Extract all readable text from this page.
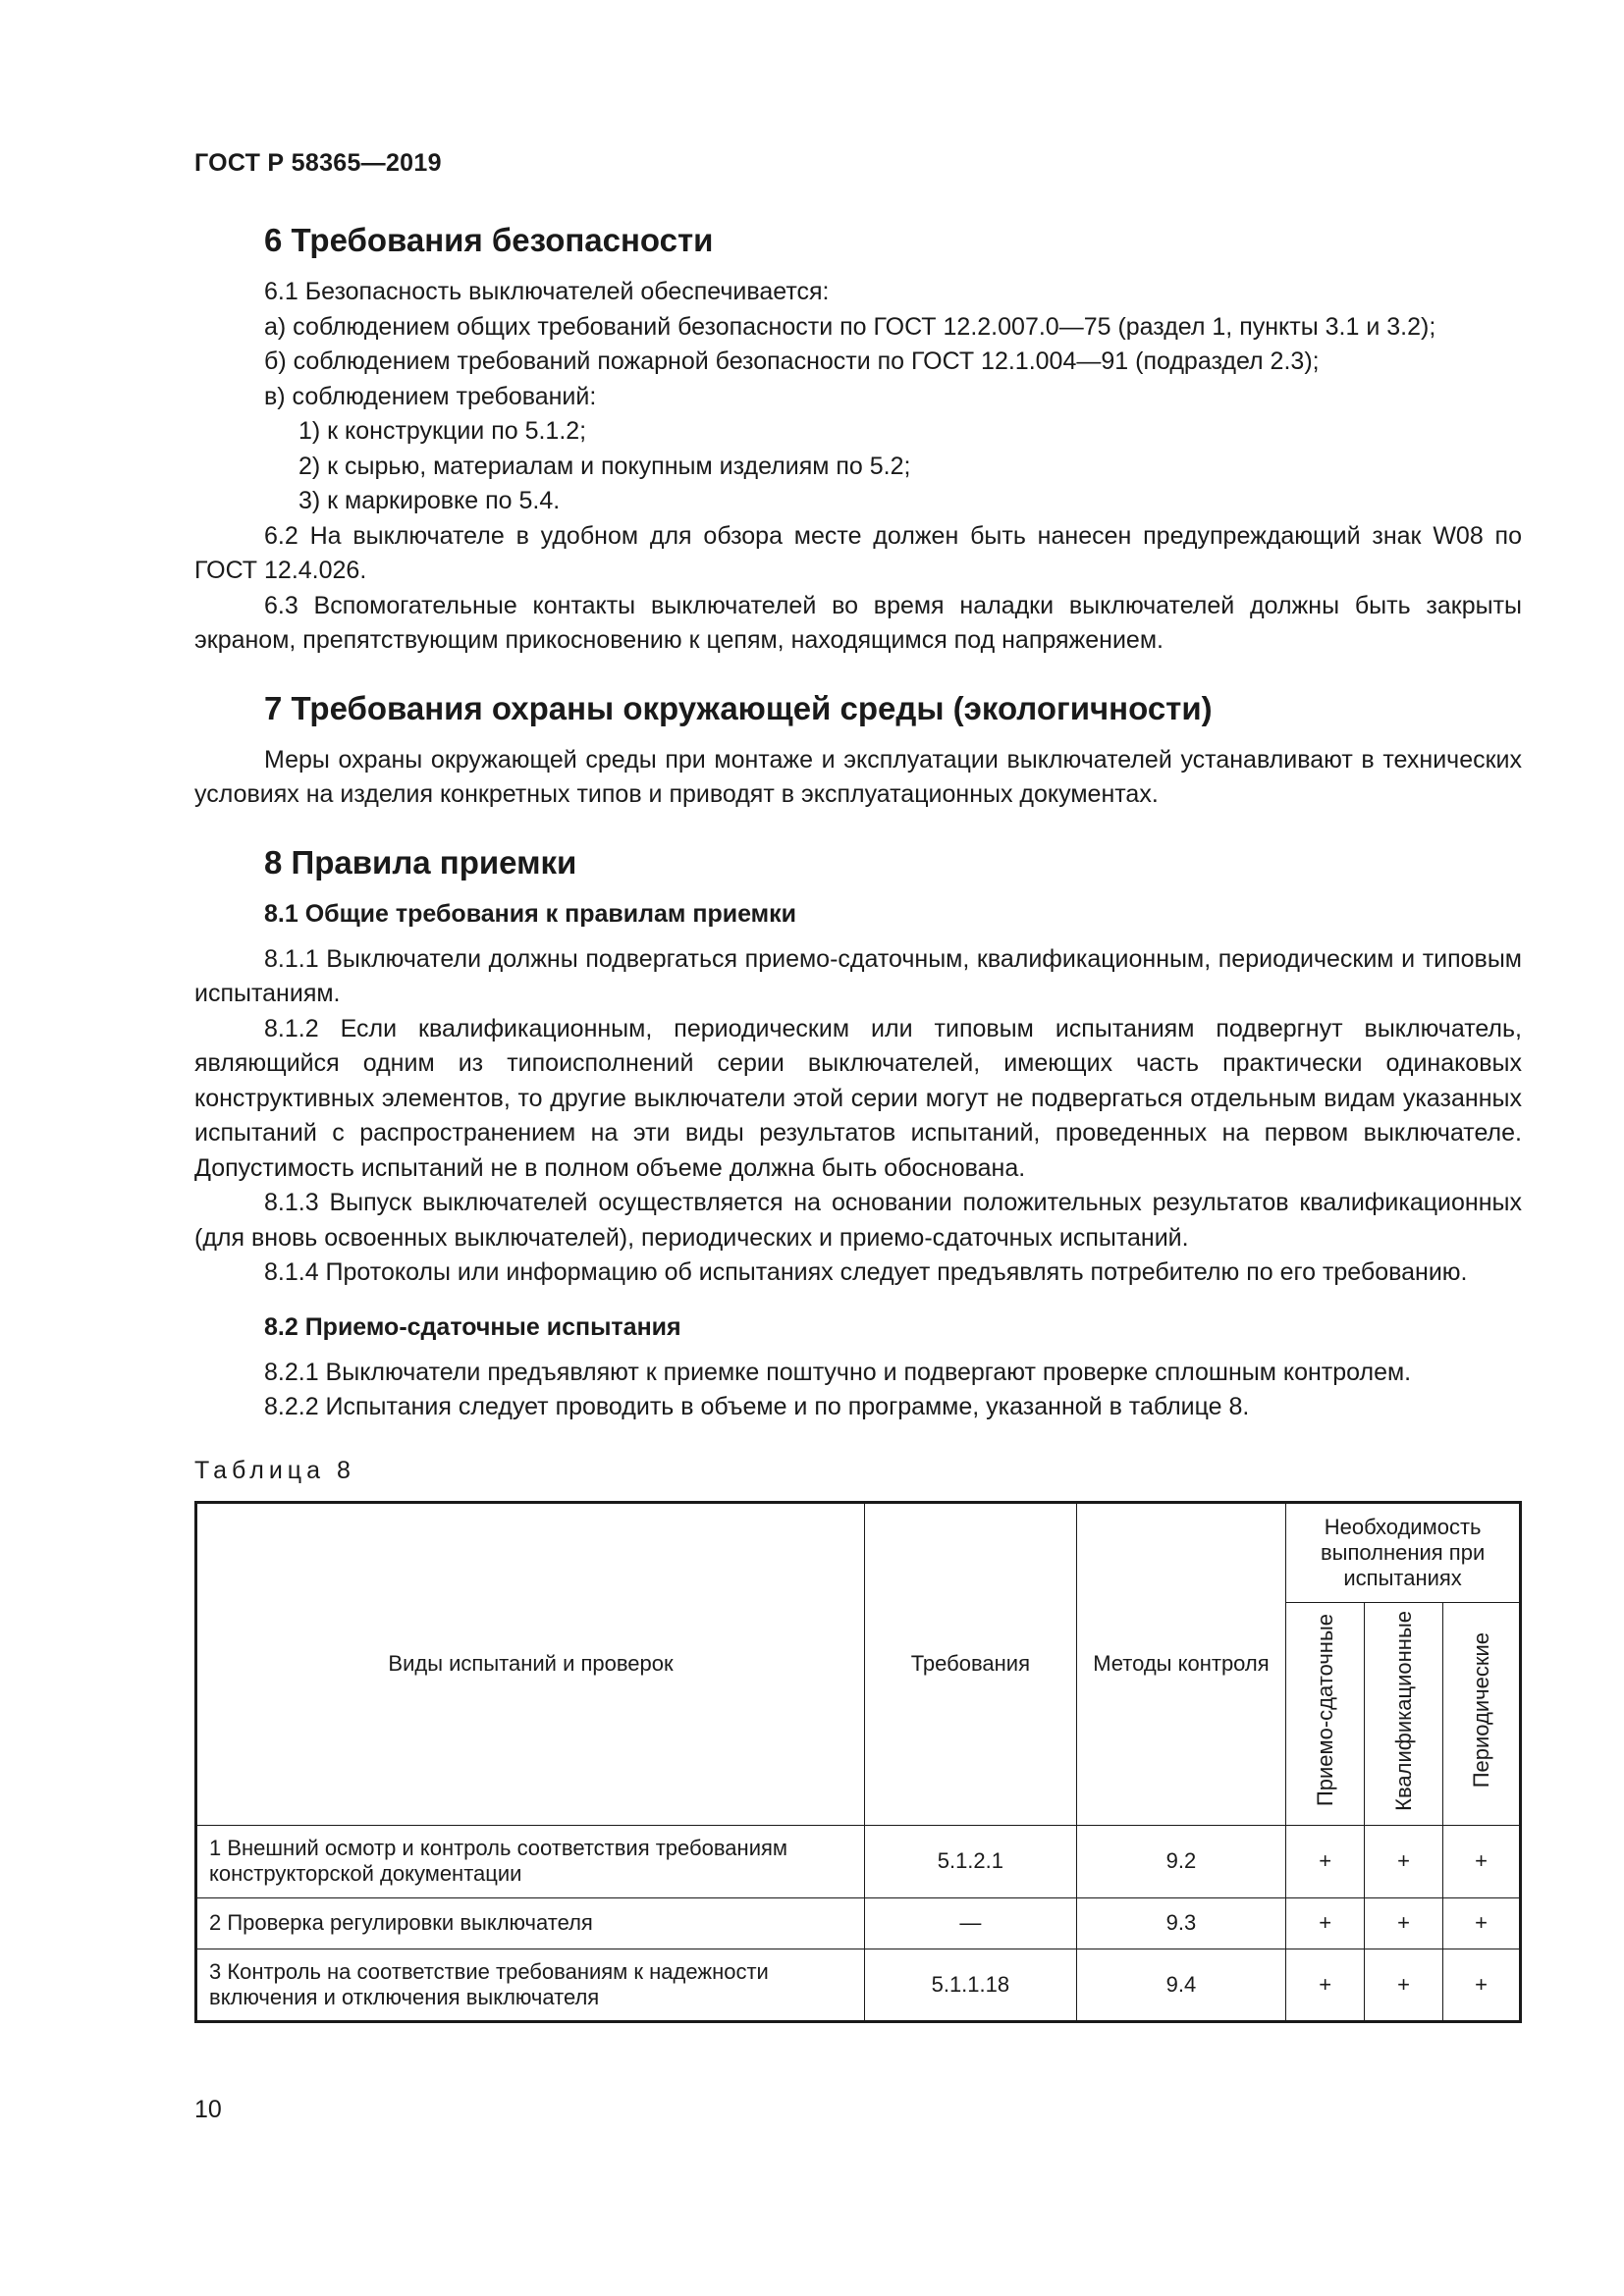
ГОСТ Р 58365—2019
6 Требования безопасности

6.1 Безопасность выключателей обеспечивается:

а) соблюдением общих требований безопасности по ГОСТ 12.2.007.0—75 (раздел 1, пункты 3.1 и 3.2);

б) соблюдением требований пожарной безопасности по ГОСТ 12.1.004—91 (подраздел 2.3);

в) соблюдением требований:

1) к конструкции по 5.1.2;

2) к сырью, материалам и покупным изделиям по 5.2;

3) к маркировке по 5.4.

6.2 На выключателе в удобном для обзора месте должен быть нанесен предупреждающий знак W08 по ГОСТ 12.4.026.

6.3 Вспомогательные контакты выключателей во время наладки выключателей должны быть закрыты экраном, препятствующим прикосновению к цепям, находящимся под напряжением.

7 Требования охраны окружающей среды (экологичности)

Меры охраны окружающей среды при монтаже и эксплуатации выключателей устанавливают в технических условиях на изделия конкретных типов и приводят в эксплуатационных документах.

8 Правила приемки
8.1 Общие требования к правилам приемки

8.1.1 Выключатели должны подвергаться приемо-сдаточным, квалификационным, периодическим и типовым испытаниям.

8.1.2 Если квалификационным, периодическим или типовым испытаниям подвергнут выключатель, являющийся одним из типоисполнений серии выключателей, имеющих часть практически одинаковых конструктивных элементов, то другие выключатели этой серии могут не подвергаться отдельным видам указанных испытаний с распространением на эти виды результатов испытаний, проведенных на первом выключателе. Допустимость испытаний не в полном объеме должна быть обоснована.

8.1.3 Выпуск выключателей осуществляется на основании положительных результатов квалификационных (для вновь освоенных выключателей), периодических и приемо-сдаточных испытаний.

8.1.4 Протоколы или информацию об испытаниях следует предъявлять потребителю по его требованию.

8.2 Приемо-сдаточные испытания

8.2.1 Выключатели предъявляют к приемке поштучно и подвергают проверке сплошным контролем.

8.2.2 Испытания следует проводить в объеме и по программе, указанной в таблице 8.

Таблица 8
Виды испытаний и проверок	Требования	Методы контроля	Необходимость выполнения при испытаниях		
			Приемо-сдаточные	Квалификационные	Периодические
1 Внешний осмотр и контроль соответствия требованиям конструкторской документации	5.1.2.1	9.2	+	+	+
2 Проверка регулировки выключателя	—	9.3	+	+	+
3 Контроль на соответствие требованиям к надежности включения и отключения выключателя	5.1.1.18	9.4	+	+	+
10
